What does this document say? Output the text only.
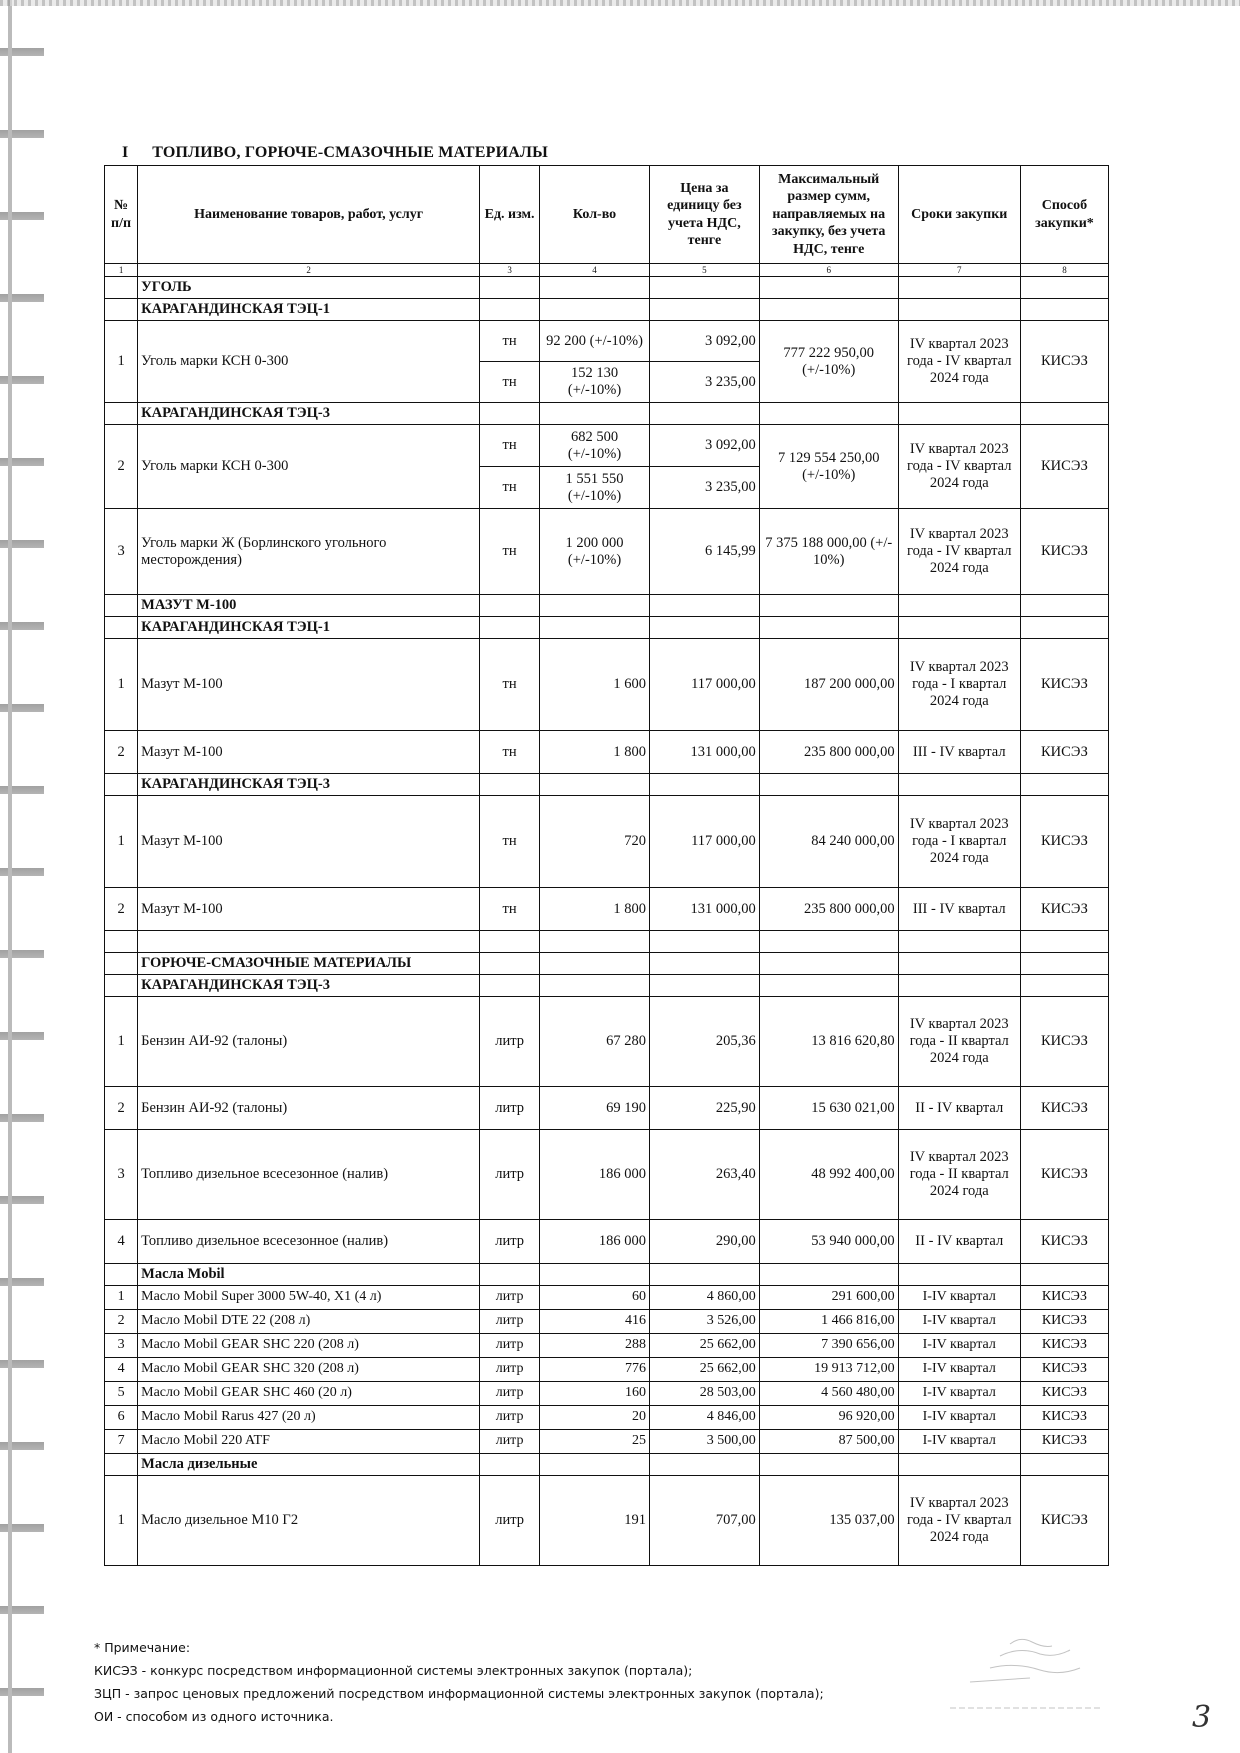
I ТОПЛИВО, ГОРЮЧЕ-СМАЗОЧНЫЕ МАТЕРИАЛЫ
№ п/п	Наименование товаров, работ, услуг	Ед. изм.	Кол-во	Цена за единицу без учета НДС, тенге	Максимальный размер сумм, направляемых на закупку, без учета НДС, тенге	Сроки закупки	Способ закупки*
1	2	3	4	5	6	7	8
	УГОЛЬ						
	КАРАГАНДИНСКАЯ ТЭЦ-1						
1	Уголь марки КСН 0-300	тн	92 200 (+/-10%)	3 092,00	777 222 950,00 (+/-10%)	IV квартал 2023 года - IV квартал 2024 года	КИСЭЗ
		тн	152 130 (+/-10%)	3 235,00			
	КАРАГАНДИНСКАЯ ТЭЦ-3						
2	Уголь марки КСН 0-300	тн	682 500 (+/-10%)	3 092,00	7 129 554 250,00 (+/-10%)	IV квартал 2023 года - IV квартал 2024 года	КИСЭЗ
		тн	1 551 550 (+/-10%)	3 235,00			
3	Уголь марки Ж (Борлинского угольного месторождения)	тн	1 200 000 (+/-10%)	6 145,99	7 375 188 000,00 (+/- 10%)	IV квартал 2023 года - IV квартал 2024 года	КИСЭЗ
	МАЗУТ М-100						
	КАРАГАНДИНСКАЯ ТЭЦ-1						
1	Мазут М-100	тн	1 600	117 000,00	187 200 000,00	IV квартал 2023 года - I квартал 2024 года	КИСЭЗ
2	Мазут М-100	тн	1 800	131 000,00	235 800 000,00	III - IV квартал	КИСЭЗ
	КАРАГАНДИНСКАЯ ТЭЦ-3						
1	Мазут М-100	тн	720	117 000,00	84 240 000,00	IV квартал 2023 года - I квартал 2024 года	КИСЭЗ
2	Мазут М-100	тн	1 800	131 000,00	235 800 000,00	III - IV квартал	КИСЭЗ

	ГОРЮЧЕ-СМАЗОЧНЫЕ МАТЕРИАЛЫ						
	КАРАГАНДИНСКАЯ ТЭЦ-3						
1	Бензин АИ-92 (талоны)	литр	67 280	205,36	13 816 620,80	IV квартал 2023 года - II квартал 2024 года	КИСЭЗ
2	Бензин АИ-92 (талоны)	литр	69 190	225,90	15 630 021,00	II - IV квартал	КИСЭЗ
3	Топливо дизельное всесезонное (налив)	литр	186 000	263,40	48 992 400,00	IV квартал 2023 года - II квартал 2024 года	КИСЭЗ
4	Топливо дизельное всесезонное (налив)	литр	186 000	290,00	53 940 000,00	II - IV квартал	КИСЭЗ
	Масла Mobil						
1	Масло Mobil Super 3000 5W-40, X1 (4 л)	литр	60	4 860,00	291 600,00	I-IV квартал	КИСЭЗ
2	Масло Mobil DTE 22 (208 л)	литр	416	3 526,00	1 466 816,00	I-IV квартал	КИСЭЗ
3	Масло Mobil GEAR SHC 220 (208 л)	литр	288	25 662,00	7 390 656,00	I-IV квартал	КИСЭЗ
4	Масло Mobil GEAR SHC 320 (208 л)	литр	776	25 662,00	19 913 712,00	I-IV квартал	КИСЭЗ
5	Масло Mobil GEAR SHC 460 (20 л)	литр	160	28 503,00	4 560 480,00	I-IV квартал	КИСЭЗ
6	Масло Mobil Rarus 427 (20 л)	литр	20	4 846,00	96 920,00	I-IV квартал	КИСЭЗ
7	Масло Mobil 220 ATF	литр	25	3 500,00	87 500,00	I-IV квартал	КИСЭЗ
	Масла дизельные						
1	Масло дизельное М10 Г2	литр	191	707,00	135 037,00	IV квартал 2023 года - IV квартал 2024 года	КИСЭЗ
* Примечание:
КИСЭЗ - конкурс посредством информационной системы электронных закупок (портала);
ЗЦП - запрос ценовых предложений посредством информационной системы электронных закупок (портала);
ОИ - способом из одного источника.	3
